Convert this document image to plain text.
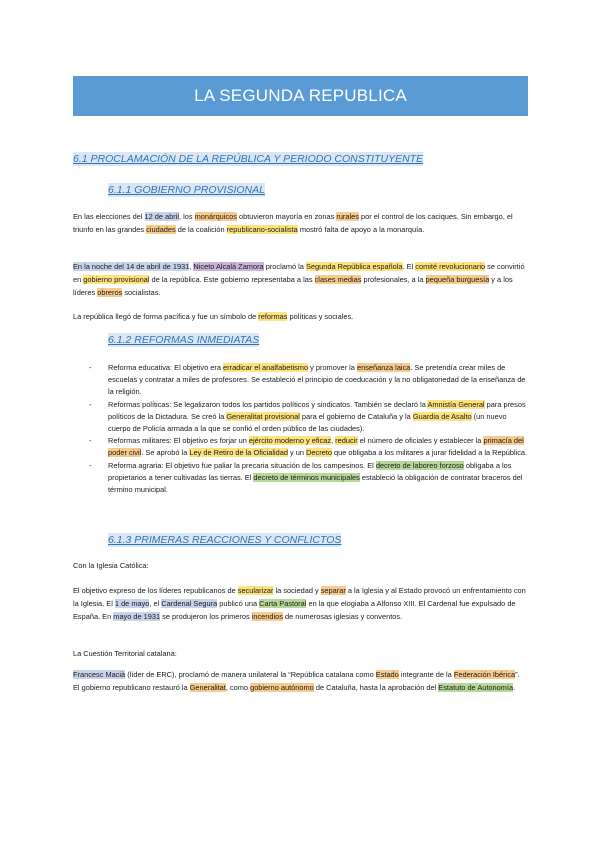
LA SEGUNDA REPUBLICA
6.1 PROCLAMACIÓN DE LA REPÚBLICA Y PERIODO CONSTITUYENTE
6.1.1 GOBIERNO PROVISIONAL

En las elecciones del 12 de abril, los monárquicos obtuvieron mayoría en zonas rurales por el control de los caciques. Sin embargo, el triunfo en las grandes ciudades de la coalición republicano-socialista mostró falta de apoyo a la monarquía.

En la noche del 14 de abril de 1931, Niceto Alcalá Zamora proclamó la Segunda República española. El comité revolucionario se convirtió en gobierno provisional de la república. Este gobierno representaba a las clases medias profesionales, a la pequeña burguesía y a los líderes obreros socialistas.

La república llegó de forma pacífica y fue un símbolo de reformas políticas y sociales.

6.1.2 REFORMAS INMEDIATAS
- Reforma educativa: El objetivo era erradicar el analfabetismo y promover la enseñanza laica. Se pretendía crear miles de escuelas y contratar a miles de profesores. Se estableció el principio de coeducación y la no obligatoriedad de la enseñanza de la religión.
- Reformas políticas: Se legalizaron todos los partidos políticos y sindicatos. También se declaró la Amnistía General para presos políticos de la Dictadura. Se creó la Generalitat provisional para el gobierno de Cataluña y la Guardia de Asalto (un nuevo cuerpo de Policía armada a la que se confió el orden público de las ciudades).
- Reformas militares: El objetivo es forjar un ejército moderno y eficaz, reducir el número de oficiales y establecer la primacía del poder civil. Se aprobó la Ley de Retiro de la Oficialidad y un Decreto que obligaba a los militares a jurar fidelidad a la República.
- Reforma agraria: El objetivo fue paliar la precaria situación de los campesinos. El decreto de laboreo forzoso obligaba a los propietarios a tener cultivadas las tierras. El decreto de términos municipales estableció la obligación de contratar braceros del término municipal.
6.1.3 PRIMERAS REACCIONES Y CONFLICTOS
Con la Iglesia Católica:

El objetivo expreso de los líderes republicanos de secularizar la sociedad y separar a la Iglesia y al Estado provocó un enfrentamiento con la Iglesia. El 1 de mayo, el Cardenal Segura publicó una Carta Pastoral en la que elogiaba a Alfonso XIII. El Cardenal fue expulsado de España. En mayo de 1931 se produjeron los primeros incendios de numerosas iglesias y conventos.

La Cuestión Territorial catalana:

Francesc Macià (líder de ERC), proclamó de manera unilateral la “República catalana como Estado integrante de la Federación Ibérica”. El gobierno republicano restauró la Generalitat, como gobierno autónomo de Cataluña, hasta la aprobación del Estatuto de Autonomía.
